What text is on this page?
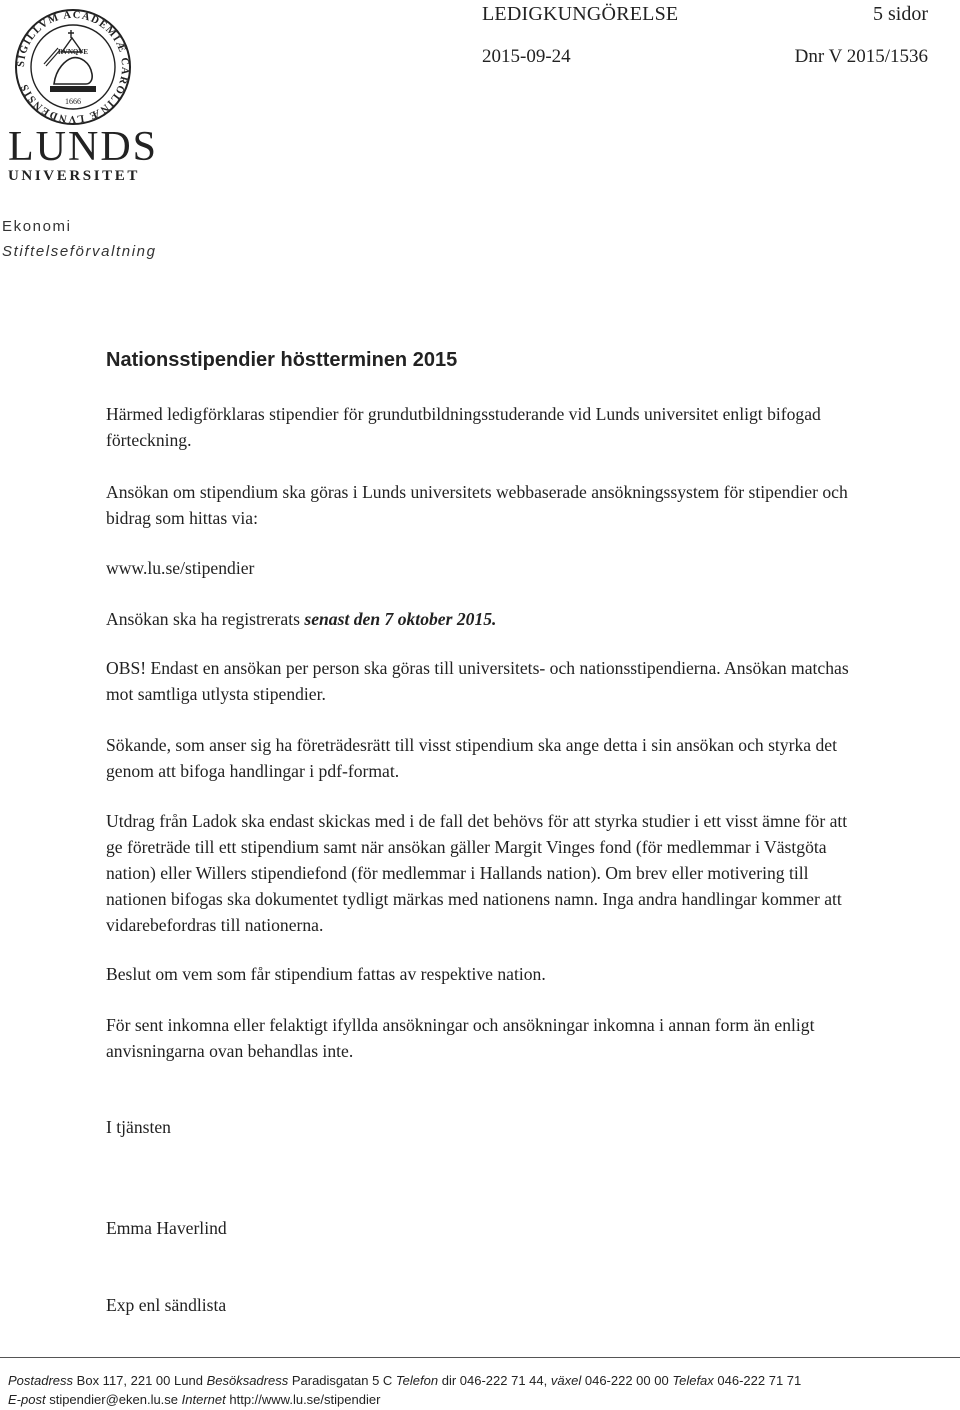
SIGILLVM ACADEMIÆ CAROLINÆ LVNDENSIS
RVNQVE
1666
LUNDS
UNIVERSITET
LEDIGKUNGÖRELSE	5 sidor
2015-09-24	Dnr V 2015/1536
Ekonomi
Stiftelseförvaltning
Nationsstipendier höstterminen 2015
Härmed ledigförklaras stipendier för grundutbildningsstuderande vid Lunds universitet enligt bifogad förteckning.
Ansökan om stipendium ska göras i Lunds universitets webbaserade ansökningssystem för stipendier och bidrag som hittas via:
www.lu.se/stipendier
Ansökan ska ha registrerats senast den 7 oktober 2015.
OBS! Endast en ansökan per person ska göras till universitets- och nationsstipendierna. Ansökan matchas mot samtliga utlysta stipendier.
Sökande, som anser sig ha företrädesrätt till visst stipendium ska ange detta i sin ansökan och styrka det genom att bifoga handlingar i pdf-format.
Utdrag från Ladok ska endast skickas med i de fall det behövs för att styrka studier i ett visst ämne för att ge företräde till ett stipendium samt när ansökan gäller Margit Vinges fond (för medlemmar i Västgöta nation) eller Willers stipendiefond (för medlemmar i Hallands nation). Om brev eller motivering till nationen bifogas ska dokumentet tydligt märkas med nationens namn. Inga andra handlingar kommer att vidarebefordras till nationerna.
Beslut om vem som får stipendium fattas av respektive nation.
För sent inkomna eller felaktigt ifyllda ansökningar och ansökningar inkomna i annan form än enligt anvisningarna ovan behandlas inte.
I tjänsten
Emma Haverlind
Exp enl sändlista
Postadress Box 117, 221 00 Lund Besöksadress Paradisgatan 5 C Telefon dir 046-222 71 44, växel 046-222 00 00 Telefax 046-222 71 71
E-post stipendier@eken.lu.se Internet http://www.lu.se/stipendier
